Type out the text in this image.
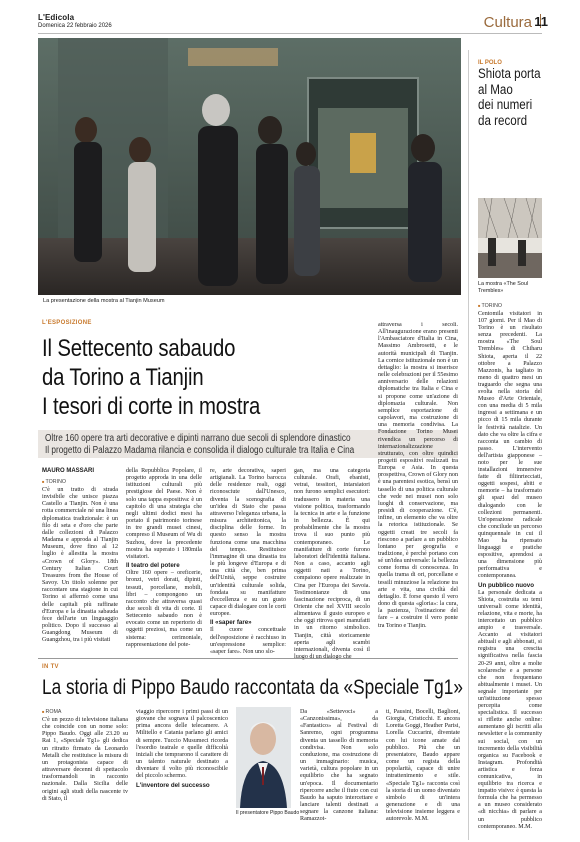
L'Edicola
Domenica 22 febbraio 2026	Cultura 11
La presentazione della mostra al Tianjin Museum
L'ESPOSIZIONE
Il Settecento sabaudo
da Torino a Tianjin
I tesori di corte in mostra
Oltre 160 opere tra arti decorative e dipinti narrano due secoli di splendore dinastico
Il progetto di Palazzo Madama rilancia e consolida il dialogo culturale tra Italia e Cina
MAURO MASSARI
■ TORINO
C'è un tratto di strada invisibile che unisce piazza Castello a Tianjin. Non è una rotta commerciale né una linea diplomatica tradizionale: è un filo di seta e d'oro che parte dalle collezioni di Palazzo Madama e approda al Tianjin Museum, dove fino al 12 luglio è allestita la mostra «Crown of Glory». 18th Century Italian Court Treasures from the House of Savoy. Un titolo solenne per raccontare una stagione in cui Torino si affermò come una delle capitali più raffinate d'Europa e la dinastia sabauda fece dell'arte un linguaggio politico. Dopo il successo al Guangdong Museum di Guangzhou, tra i più visitati

della Repubblica Popolare, il progetto approda in una delle istituzioni culturali più prestigiose del Paese. Non è solo una tappa espositiva: è un capitolo di una strategia che negli ultimi dodici mesi ha portato il patrimonio torinese in tre grandi musei cinesi, compreso il Museum of Wu di Suzhou, dove la precedente mostra ha superato i 180mila visitatori.

Il teatro del potere

Oltre 160 opere – oreficerie, bronzi, vetri dorati, dipinti, tessuti, porcellane, mobili, libri – compongono un racconto che attraversa quasi due secoli di vita di corte. Il Settecento sabaudo non è evocato come un repertorio di oggetti preziosi, ma come un sistema: cerimoniale, rappresentazione del pote-

re, arte decorativa, saperi artigianali. La Torino barocca delle residenze reali, oggi riconosciute dall'Unesco, diventa la scenografia di un'idea di Stato che passa attraverso l'eleganza urbana, la misura architettonica, la disciplina delle forme. In questo senso la mostra funziona come una macchina del tempo. Restituisce l'immagine di una dinastia tra le più longeve d'Europa e di una città che, ben prima dell'Unità, seppe costruire un'identità culturale solida, fondata su manifatture d'eccellenza e su un gusto capace di dialogare con le corti europee.

Il «saper fare»

Il cuore concettuale dell'esposizione è racchiuso in un'espressione semplice: «saper fare». Non uno slo-

gan, ma una categoria culturale. Orafi, ebanisti, vetrai, tessitori, intarsiatori non furono semplici esecutori: tradussero in materia una visione politica, trasformando la tecnica in arte e la funzione in bellezza. È qui probabilmente che la mostra trova il suo punto più contemporaneo. Le manifatture di corte furono laboratori dell'identità italiana. Non a caso, accanto agli oggetti nati a Torino, compaiono opere realizzate in Cina per l'Europa dei Savoia. Testimonianze di una fascinazione reciproca, di un Oriente che nel XVIII secolo alimentava il gusto europeo e che oggi ritrova quei manufatti in un ritorno simbolico. Tianjin, città storicamente aperta agli scambi internazionali, diventa così il
attraversa i secoli. All'inaugurazione erano presenti l'Ambasciatore d'Italia in Cina, Massimo Ambrosetti, e le autorità municipali di Tianjin. La cornice istituzionale non è un dettaglio: la mostra si inserisce nelle celebrazioni per il 55esimo anniversario delle relazioni diplomatiche tra Italia e Cina e si propone come un'azione di diplomazia culturale. Non semplice esportazione di capolavori, ma costruzione di una memoria condivisa. La Fondazione Torino Musei rivendica un percorso di internazionalizzazione strutturato, con oltre quindici progetti espositivi realizzati tra Europa e Asia. In questa prospettiva, Crown of Glory non è una parentesi esotica, bensì un tassello di una politica culturale che vede nei musei non solo luoghi di conservazione, ma presidi di cooperazione. C'è, infine, un elemento che va oltre la retorica istituzionale. Se oggetti creati tre secoli fa riescono a parlare a un pubblico lontano per geografia e tradizione, è perché portano con sé un'idea universale: la bellezza come forma di conoscenza. In quella trama di ori, porcellane e tessili minuziose la relazione tra arte e vita, una civiltà del dettaglio. È forse questo il vero dono di questa «gloria»: la cura, la pazienza, l'ostinazione del fare – a costruire il vero ponte tra Torino e Tianjin.
IL POLO
Shiota porta
al Mao
dei numeri
da record
La mostra «The Soul Trembles»
■ TORINO
Centomila visitatori in 107 giorni. Per il Mao di Torino è un risultato senza precedenti. La mostra «The Soul Trembles» di Chiharu Shiota, aperta il 22 ottobre a Palazzo Mazzonis, ha tagliato in meno di quattro mesi un traguardo che segna una svolta nella storia del Museo d'Arte Orientale, con una media di 5 mila ingressi a settimana e un picco di 15 mila durante le festività natalizie. Un dato che va oltre la cifra e racconta un cambio di passo. L'intervento dell'artista giapponese – noto per le sue installazioni immersive fatte di filiinrtecciati, oggetti sospesi, abiti e memorie – ha trasformato gli spazi del museo dialogando con le collezioni permanenti. Un'operazione radicale che concilude un percorso quinquennale in cui il Mao ha ripensato linguaggi e pratiche espositive, aprendosi a una dimensione più performativa e contemporanea.
Un pubblico nuovo
La personale dedicata a Shiota, costruita su temi universali come identità, relazione, vita e morte, ha intercettato un pubblico ampio e trasversale. Accanto ai visitatori abituali e agli abbonati, si registra una crescita significativa nella fascia 20-29 anni, oltre a molte scolaresche e a persone che non frequentano abitualmente i musei. Un segnale importante per un'istituzione spesso percepita come specialistica. Il successo si riflette anche online: aumentano gli iscritti alla newsletter e la community sui social, con un incremento della visibilità organica su Facebook e Instagram. Profondità artistica e forza comunicativa, in equilibrio tra ricerca e impatto visivo: è questa la formula che ha permesso a un museo considerato «di nicchia» di parlare a un pubblico contemporaneo. M.M.
IN TV
La storia di Pippo Baudo raccontata da «Speciale Tg1»
■ ROMA
C'è un pezzo di televisione italiana che coincide con un nome solo: Pippo Baudo. Oggi alle 23.20 su Rai 1, «Speciale Tg1» gli dedica un ritratto firmato da Leonardo Metalli che restituisce la misura di un protagonista capace di attraversare decenni di spettacolo trasformandoli in racconto nazionale. Dalla Sicilia delle origini agli studi della nascente tv di Stato, il

viaggio ripercorre i primi passi di un giovane che sognava il palcoscenico prima ancora delle telecamere. A Militello e Catania parlano gli amici di sempre. Tuccio Musumeci ricorda l'esordio teatrale e quelle difficoltà iniziali che temprarono il carattere di un talento naturale destinato a diventare il volto più riconoscibile del piccolo schermo.

L'inventore del successo
Il presentatore Pippo Baudo
Da «Settevoci» a «Canzonissima», da «Fantastico» al Festival di Sanremo, ogni programma diventa un tassello di memoria condivisa. Non solo conduzione, ma costruzione di un immaginario: musica, varietà, cultura popolare in un equilibrio che ha segnato un'epoca. Il documentario ripercorre anche il fiuto con cui Baudo ha saputo intercettare e lanciare talenti destinati a segnare la canzone italiana: Ramazzot-
ti, Pausini, Bocelli, Baglioni, Giorgia, Cristicchi. E ancora Loretta Goggi, Heather Parisi, Lorella Cuccarini, diventate con lui icone amate dal pubblico. Più che un presentatore, Baudo appare come un regista della popolarità, capace di unire intrattenimento e stile. «Speciale Tg1» racconta così la storia di un uomo diventato simbolo di un'intera generazione e di una televisione insieme leggera e autorevole. M.M.
